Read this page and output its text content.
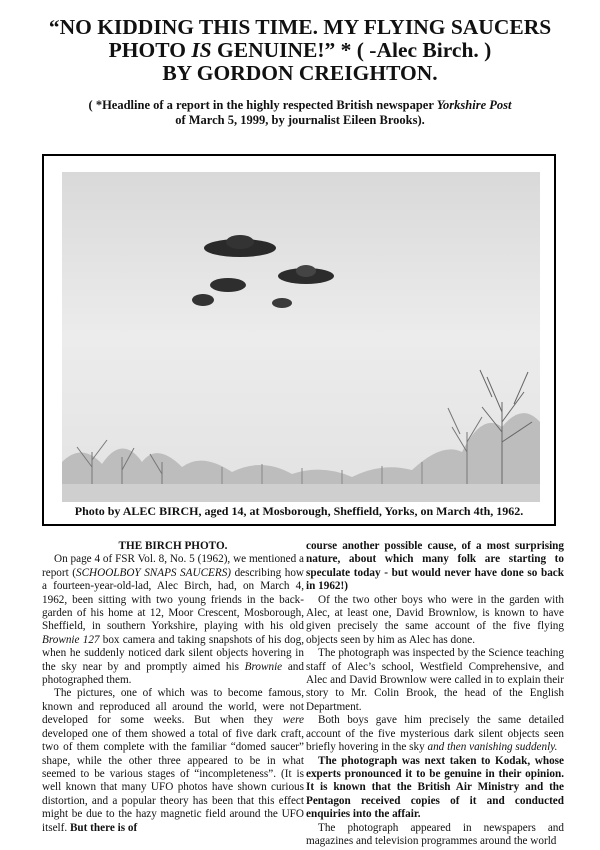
“NO KIDDING THIS TIME. MY FLYING SAUCERS
PHOTO IS GENUINE!” * ( -Alec Birch. )
BY GORDON CREIGHTON.
( *Headline of a report in the highly respected British newspaper Yorkshire Post
of March 5, 1999, by journalist Eileen Brooks).
Photo by ALEC BIRCH, aged 14, at Mosborough, Sheffield, Yorks, on March 4th, 1962.
THE BIRCH PHOTO.

On page 4 of FSR Vol. 8, No. 5 (1962), we mentioned a report (SCHOOLBOY SNAPS SAUCERS) describing how a fourteen-year-old-lad, Alec Birch, had, on March 4, 1962, been sitting with two young friends in the back-garden of his home at 12, Moor Crescent, Mosborough, Sheffield, in southern Yorkshire, playing with his old Brownie 127 box camera and taking snapshots of his dog, when he suddenly noticed dark silent objects hovering in the sky near by and promptly aimed his Brownie and photographed them.

The pictures, one of which was to become famous, known and reproduced all around the world, were not developed for some weeks. But when they were developed one of them showed a total of five dark craft, two of them complete with the familiar “domed saucer” shape, while the other three appeared to be in what seemed to be various stages of “incompleteness”. (It is well known that many UFO photos have shown curious distortion, and a popular theory has been that this effect might be due to the hazy magnetic field around the UFO itself. But there is of

course another possible cause, of a most surprising nature, about which many folk are starting to speculate today - but would never have done so back in 1962!)

Of the two other boys who were in the garden with Alec, at least one, David Brownlow, is known to have given precisely the same account of the five flying objects seen by him as Alec has done.

The photograph was inspected by the Science teaching staff of Alec’s school, Westfield Comprehensive, and Alec and David Brownlow were called in to explain their story to Mr. Colin Brook, the head of the English Department.

Both boys gave him precisely the same detailed account of the five mysterious dark silent objects seen briefly hovering in the sky and then vanishing suddenly.

The photograph was next taken to Kodak, whose experts pronounced it to be genuine in their opinion. It is known that the British Air Ministry and the Pentagon received copies of it and conducted enquiries into the affair.

The photograph appeared in newspapers and magazines and television programmes around the world
